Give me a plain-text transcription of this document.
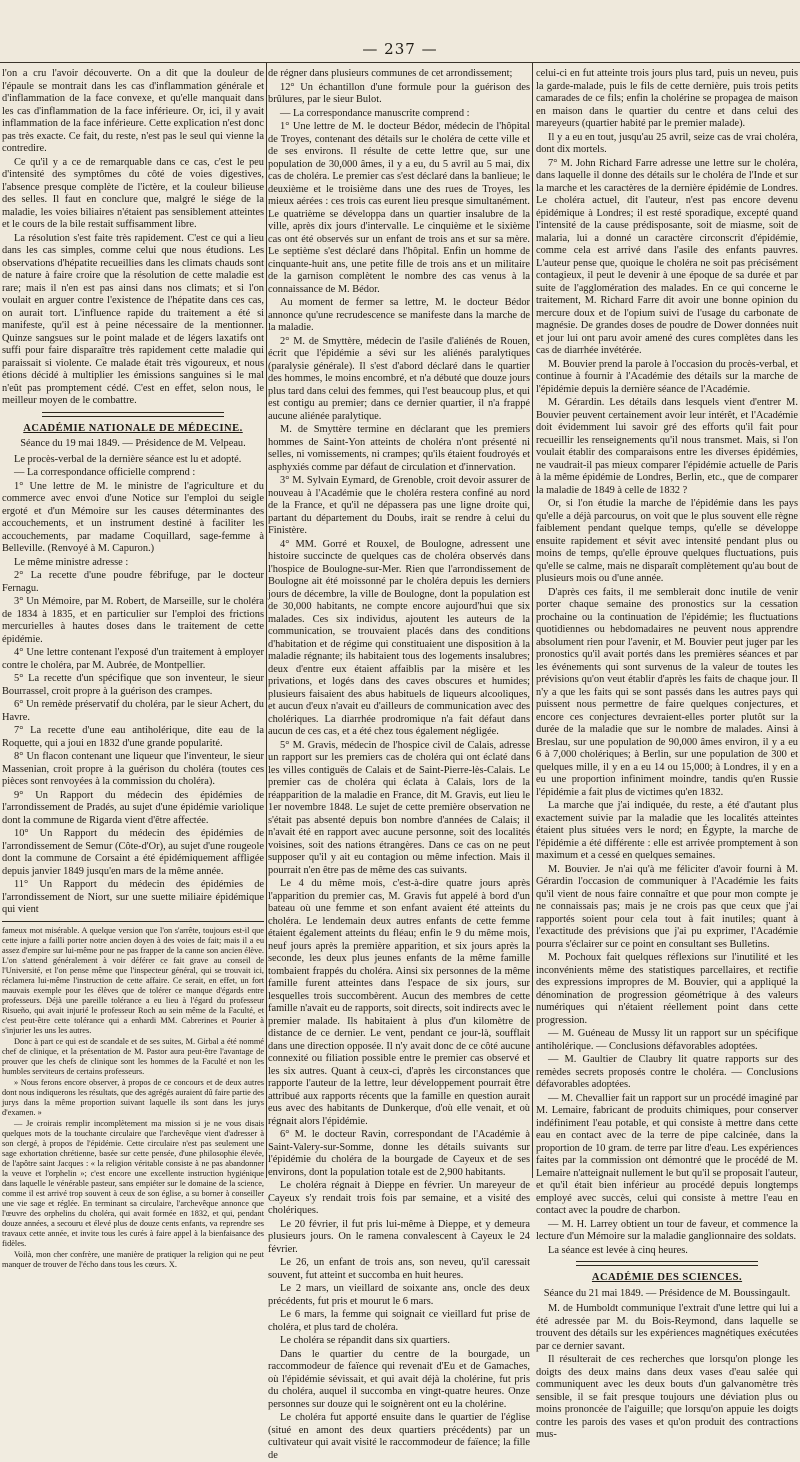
— 237 —

l'on a cru l'avoir découverte. On a dit que la douleur de l'épaule se montrait dans les cas d'inflammation générale et d'inflammation de la face convexe, et qu'elle manquait dans les cas d'inflammation de la face inférieure. Or, ici, il y avait inflammation de la face inférieure. Cette explication n'est donc pas très exacte. Ce fait, du reste, n'est pas le seul qui vienne la contredire.

Ce qu'il y a ce de remarquable dans ce cas, c'est le peu d'intensité des symptômes du côté de voies digestives, l'absence presque complète de l'ictère, et la couleur bilieuse des selles. Il faut en conclure que, malgré le siége de la maladie, les voies biliaires n'étaient pas sensiblement atteintes et le cours de la bile restait suffisamment libre.

La résolution s'est faite très rapidement. C'est ce qui a lieu dans les cas simples, comme celui que nous étudions. Les observations d'hépatite recueillies dans les climats chauds sont de nature à faire croire que la résolution de cette maladie est rare; mais il n'en est pas ainsi dans nos climats; et si l'on voulait en arguer contre l'existence de l'hépatite dans ces cas, on aurait tort. L'influence rapide du traitement a été si manifeste, qu'il est à peine nécessaire de la mentionner. Quinze sangsues sur le point malade et de légers laxatifs ont suffi pour faire disparaître très rapidement cette maladie qui paraissait si violente. Ce malade était très vigoureux, et nous étions décidé à multiplier les émissions sanguines si le mal n'eût pas promptement cédé. C'est en effet, selon nous, le meilleur moyen de le combattre.

ACADÉMIE NATIONALE DE MÉDECINE.

Séance du 19 mai 1849. — Présidence de M. Velpeau.

Le procès-verbal de la dernière séance est lu et adopté.

— La correspondance officielle comprend :

1° Une lettre de M. le ministre de l'agriculture et du commerce avec envoi d'une Notice sur l'emploi du seigle ergoté et d'un Mémoire sur les causes déterminantes des accouchements, et un instrument destiné à faciliter les accouchements, par madame Coquillard, sage-femme à Belleville. (Renvoyé à M. Capuron.)

Le même ministre adresse :

2° La recette d'une poudre fébrifuge, par le docteur Fernagu.

3° Un Mémoire, par M. Robert, de Marseille, sur le choléra de 1834 à 1835, et en particulier sur l'emploi des frictions mercurielles à hautes doses dans le traitement de cette épidémie.

4° Une lettre contenant l'exposé d'un traitement à employer contre le choléra, par M. Aubrée, de Montpellier.

5° La recette d'un spécifique que son inventeur, le sieur Bourrassel, croit propre à la guérison des crampes.

6° Un remède préservatif du choléra, par le sieur Achert, du Havre.

7° La recette d'une eau antiholérique, dite eau de la Roquette, qui a joui en 1832 d'une grande popularité.

8° Un flacon contenant une liqueur que l'inventeur, le sieur Massenian, croit propre à la guérison du choléra (toutes ces pièces sont renvoyées à la commission du choléra).

9° Un Rapport du médecin des épidémies de l'arrondissement de Pradés, au sujet d'une épidémie variolique dont la commune de Rigarda vient d'être affectée.

10° Un Rapport du médecin des épidémies de l'arrondissement de Semur (Côte-d'Or), au sujet d'une rougeole dont la commune de Corsaint a été épidémiquement affligée depuis janvier 1849 jusqu'en mars de la même année.

11° Un Rapport du médecin des épidémies de l'arrondissement de Niort, sur une suette miliaire épidémique qui vient

fameux mot misérable. A quelque version que l'on s'arrête, toujours est-il que cette injure a failli porter notre ancien doyen à des voies de fait; mais il a eu assez d'empire sur lui-même pour ne pas frapper de la canne son ancien élève. L'on s'attend généralement à voir déférer ce fait grave au conseil de l'Université, et l'on pense même que l'inspecteur général, qui se trouvait ici, réclamera lui-même l'instruction de cette affaire. Ce serait, en effet, un fort mauvais exemple pour les élèves que de tolérer ce manque d'égards entre professeurs. Déjà une pareille tolérance a eu lieu à l'égard du professeur Risueño, qui avait injurié le professeur Roch au sein même de la Faculté, et c'est peut-être cette tolérance qui a enhardi MM. Cabrerines et Pourier à s'injurier les uns les autres.

Donc à part ce qui est de scandale et de ses suites, M. Girbal a été nommé chef de clinique, et la présentation de M. Pastor aura peut-être l'avantage de prouver que les chefs de clinique sont les hommes de la Faculté et non les humbles serviteurs de certains professeurs.

» Nous ferons encore observer, à propos de ce concours et de deux autres dont nous indiquerons les résultats, que des agrégés auraient dû faire partie des jurys dans la même proportion suivant laquelle ils sont dans les jurys d'examen. »

— Je croirais remplir incomplètement ma mission si je ne vous disais quelques mots de la touchante circulaire que l'archevêque vient d'adresser à son clergé, à propos de l'épidémie. Cette circulaire n'est pas seulement une sage exhortation chrétienne, basée sur cette pensée, d'une philosophie élevée, de l'apôtre saint Jacques : « la religion véritable consiste à ne pas abandonner la veuve et l'orphelin »; c'est encore une excellente instruction hygiénique dans laquelle le vénérable pasteur, sans empiéter sur le domaine de la science, comme il est arrivé trop souvent à ceux de son église, a su borner à conseiller une vie sage et réglée. En terminant sa circulaire, l'archevêque annonce que l'œuvre des orphelins du choléra, qui avait formée en 1832, et qui, pendant douze années, a secouru et élevé plus de douze cents enfants, va reprendre ses travaux cette année, et invite tous les curés à faire appel à la bienfaisance des fidèles.

Voilà, mon cher confrère, une manière de pratiquer la religion qui ne peut manquer de trouver de l'écho dans tous les cœurs. X.

de régner dans plusieurs communes de cet arrondissement;

12° Un échantillon d'une formule pour la guérison des brûlures, par le sieur Bulot.

— La correspondance manuscrite comprend :

1° Une lettre de M. le docteur Bédor, médecin de l'hôpital de Troyes, contenant des détails sur le choléra de cette ville et de ses environs. Il résulte de cette lettre que, sur une population de 30,000 âmes, il y a eu, du 5 avril au 5 mai, dix cas de choléra. Le premier cas s'est déclaré dans la banlieue; le deuxième et le troisième dans une des rues de Troyes, les mieux aérées : ces trois cas eurent lieu presque simultanément. Le quatrième se développa dans un quartier insalubre de la ville, après dix jours d'intervalle. Le cinquième et le sixième cas ont été observés sur un enfant de trois ans et sur sa mère. Le septième s'est déclaré dans l'hôpital. Enfin un homme de cinquante-huit ans, une petite fille de trois ans et un militaire de la garnison complètent le nombre des cas venus à la connaissance de M. Bédor.

Au moment de fermer sa lettre, M. le docteur Bédor annonce qu'une recrudescence se manifeste dans la marche de la maladie.

2° M. de Smyttère, médecin de l'asile d'aliénés de Rouen, écrit que l'épidémie a sévi sur les aliénés paralytiques (paralysie générale). Il s'est d'abord déclaré dans le quartier des hommes, le moins encombré, et n'a débuté que douze jours plus tard dans celui des femmes, qui l'est beaucoup plus, et qui est contigu au premier; dans ce dernier quartier, il n'a frappé aucune aliénée paralytique.

M. de Smyttère termine en déclarant que les premiers hommes de Saint-Yon atteints de choléra n'ont présenté ni selles, ni vomissements, ni crampes; qu'ils étaient foudroyés et asphyxiés comme par défaut de circulation et d'innervation.

3° M. Sylvain Eymard, de Grenoble, croit devoir assurer de nouveau à l'Académie que le choléra restera confiné au nord de la France, et qu'il ne dépassera pas une ligne droite qui, partant du département du Doubs, irait se rendre à celui du Finistère.

4° MM. Gorré et Rouxel, de Boulogne, adressent une histoire succincte de quelques cas de choléra observés dans l'hospice de Boulogne-sur-Mer. Rien que l'arrondissement de Boulogne ait été moissonné par le choléra depuis les derniers jours de décembre, la ville de Boulogne, dont la population est de 30,000 habitants, ne compte encore aujourd'hui que six malades. Ces six individus, ajoutent les auteurs de la communication, se trouvaient placés dans des conditions d'habitation et de régime qui constituaient une disposition à la maladie régnante; ils habitaient tous des logements insalubres; deux d'entre eux étaient affaiblis par la misère et les privations, et logés dans des caves obscures et humides; plusieurs faisaient des abus habituels de liqueurs alcooliques, et aucun d'eux n'avait eu d'ailleurs de communication avec des cholériques. La diarrhée prodromique n'a fait défaut dans aucun de ces cas, et a été chez tous également négligée.

5° M. Gravis, médecin de l'hospice civil de Calais, adresse un rapport sur les premiers cas de choléra qui ont éclaté dans les villes contiguës de Calais et de Saint-Pierre-lès-Calais. Le premier cas de choléra qui éclata à Calais, lors de la réapparition de la maladie en France, dit M. Gravis, eut lieu le 1er novembre 1848. Le sujet de cette première observation ne s'était pas absenté depuis bon nombre d'années de Calais; il n'avait été en rapport avec aucune personne, soit des localités voisines, soit des nations étrangères. Dans ce cas on ne peut supposer qu'il y ait eu contagion ou même infection. Mais il pourrait n'en être pas de même des cas suivants.

Le 4 du même mois, c'est-à-dire quatre jours après l'apparition du premier cas, M. Gravis fut appelé à bord d'un bateau où une femme et son enfant avaient été atteints du choléra. Le lendemain deux autres enfants de cette femme étaient également atteints du fléau; enfin le 9 du même mois, neuf jours après la première apparition, et six jours après la seconde, les deux plus jeunes enfants de la même famille tombaient frappés du choléra. Ainsi six personnes de la même famille furent atteintes dans l'espace de six jours, sur lesquelles trois succombèrent. Aucun des membres de cette famille n'avait eu de rapports, soit directs, soit indirects avec le premier malade. Ils habitaient à plus d'un kilomètre de distance de ce dernier. Le vent, pendant ce jour-là, soufflait dans une direction opposée. Il n'y avait donc de ce côté aucune connexité ou filiation possible entre le premier cas observé et les six autres. Quant à ceux-ci, d'après les circonstances que rapporte l'auteur de la lettre, leur développement pourrait être attribué aux rapports récents que la famille en question aurait eus avec des habitants de Dunkerque, d'où elle venait, et où régnait alors l'épidémie.

6° M. le docteur Ravin, correspondant de l'Académie à Saint-Valery-sur-Somme, donne les détails suivants sur l'épidémie du choléra de la bourgade de Cayeux et de ses environs, dont la population totale est de 2,900 habitants.

Le choléra régnait à Dieppe en février. Un mareyeur de Cayeux s'y rendait trois fois par semaine, et a visité des cholériques.

Le 20 février, il fut pris lui-même à Dieppe, et y demeura plusieurs jours. On le ramena convalescent à Cayeux le 24 février.

Le 26, un enfant de trois ans, son neveu, qu'il caressait souvent, fut atteint et succomba en huit heures.

Le 2 mars, un vieillard de soixante ans, oncle des deux précédents, fut pris et mourut le 6 mars.

Le 6 mars, la femme qui soignait ce vieillard fut prise de choléra, et plus tard de choléra.

Le choléra se répandit dans six quartiers.

Dans le quartier du centre de la bourgade, un raccommodeur de faïence qui revenait d'Eu et de Gamaches, où l'épidémie sévissait, et qui avait déjà la cholérine, fut pris du choléra, auquel il succomba en vingt-quatre heures. Onze personnes sur douze qui le soignèrent ont eu la cholérine.

Le choléra fut apporté ensuite dans le quartier de l'église (situé en amont des deux quartiers précédents) par un cultivateur qui avait visité le raccommodeur de faïence; la fille de

celui-ci en fut atteinte trois jours plus tard, puis un neveu, puis la garde-malade, puis le fils de cette dernière, puis trois petits camarades de ce fils; enfin la cholérine se propagea de maison en maison dans le quartier du centre et dans celui des mareyeurs (quartier habité par le premier malade).

Il y a eu en tout, jusqu'au 25 avril, seize cas de vrai choléra, dont dix mortels.

7° M. John Richard Farre adresse une lettre sur le choléra, dans laquelle il donne des détails sur le choléra de l'Inde et sur la marche et les caractères de la dernière épidémie de Londres. Le choléra actuel, dit l'auteur, n'est pas encore devenu épidémique à Londres; il est resté sporadique, excepté quand l'intensité de la cause prédisposante, soit de miasme, soit de malaria, lui a donné un caractère circonscrit d'épidémie, comme cela est arrivé dans l'asile des enfants pauvres. L'auteur pense que, quoique le choléra ne soit pas précisément contagieux, il peut le devenir à une époque de sa durée et par suite de l'agglomération des malades. En ce qui concerne le traitement, M. Richard Farre dit avoir une bonne opinion du mercure doux et de l'opium suivi de l'usage du carbonate de magnésie. De grandes doses de poudre de Dower données nuit et jour lui ont paru avoir amené des cures complètes dans les cas de diarrhée invétérée.

M. Bouvier prend la parole à l'occasion du procès-verbal, et continue à fournir à l'Académie des détails sur la marche de l'épidémie depuis la dernière séance de l'Académie.

M. Gérardin. Les détails dans lesquels vient d'entrer M. Bouvier peuvent certainement avoir leur intérêt, et l'Académie doit évidemment lui savoir gré des efforts qu'il fait pour recueillir les renseignements qu'il nous transmet. Mais, si l'on voulait établir des comparaisons entre les diverses épidémies, ne vaudrait-il pas mieux comparer l'épidémie actuelle de Paris à la même épidémie de Londres, Berlin, etc., que de comparer la maladie de 1849 à celle de 1832 ?

Or, si l'on étudie la marche de l'épidémie dans les pays qu'elle a déjà parcourus, on voit que le plus souvent elle règne faiblement pendant quelque temps, qu'elle se développe ensuite rapidement et sévit avec intensité pendant plus ou moins de temps, qu'elle éprouve quelques fluctuations, puis qu'elle se calme, mais ne disparaît complètement qu'au bout de plusieurs mois ou d'une année.

D'après ces faits, il me semblerait donc inutile de venir porter chaque semaine des pronostics sur la cessation prochaine ou la continuation de l'épidémie; les fluctuations quotidiennes ou hebdomadaires ne peuvent nous apprendre absolument rien pour l'avenir, et M. Bouvier peut juger par les pronostics qu'il avait portés dans les premières séances et par les événements qui sont survenus de la valeur de toutes les prévisions qu'on veut établir d'après les faits de chaque jour. Il n'y a que les faits qui se sont passés dans les autres pays qui puissent nous permettre de faire quelques conjectures, et encore ces conjectures devraient-elles porter plutôt sur la durée de la maladie que sur le nombre de malades. Ainsi à Breslau, sur une population de 90,000 âmes environ, il y a eu 6 à 7,000 cholériques; à Berlin, sur une population de 300 et quelques mille, il y en a eu 14 ou 15,000; à Londres, il y en a eu une proportion infiniment moindre, tandis qu'en Russie l'épidémie a fait plus de victimes qu'en 1832.

La marche que j'ai indiquée, du reste, a été d'autant plus exactement suivie par la maladie que les localités atteintes étaient plus situées vers le nord; en Égypte, la marche de l'épidémie a été différente : elle est arrivée promptement à son maximum et a cessé en quelques semaines.

M. Bouvier. Je n'ai qu'à me féliciter d'avoir fourni à M. Gérardin l'occasion de communiquer à l'Académie les faits qu'il vient de nous faire connaître et que pour mon compte je ne connaissais pas; mais je ne crois pas que ceux que j'ai rapportés soient pour cela tout à fait inutiles; quant à l'exactitude des prévisions que j'ai pu exprimer, l'Académie pourra s'éclairer sur ce point en consultant ses Bulletins.

M. Pochoux fait quelques réflexions sur l'inutilité et les inconvénients même des statistiques parcellaires, et rectifie des expressions impropres de M. Bouvier, qui a appliqué la dénomination de progression géométrique à des valeurs numériques qui n'étaient réellement point dans cette progression.

— M. Guéneau de Mussy lit un rapport sur un spécifique antiholérique. — Conclusions défavorables adoptées.

— M. Gaultier de Claubry lit quatre rapports sur des remèdes secrets proposés contre le choléra. — Conclusions défavorables adoptées.

— M. Chevallier fait un rapport sur un procédé imaginé par M. Lemaire, fabricant de produits chimiques, pour conserver indéfiniment l'eau potable, et qui consiste à mettre dans cette eau en contact avec de la terre de pipe calcinée, dans la proportion de 10 gram. de terre par litre d'eau. Les expériences faites par la commission ont démontré que le procédé de M. Lemaire n'atteignait nullement le but qu'il se proposait l'auteur, et qu'il était bien inférieur au procédé depuis longtemps employé avec succès, celui qui consiste à mettre l'eau en contact avec la poudre de charbon.

— M. H. Larrey obtient un tour de faveur, et commence la lecture d'un Mémoire sur la maladie ganglionnaire des soldats.

La séance est levée à cinq heures.

ACADÉMIE DES SCIENCES.

Séance du 21 mai 1849. — Présidence de M. Boussingault.

M. de Humboldt communique l'extrait d'une lettre qui lui a été adressée par M. du Bois-Reymond, dans laquelle se trouvent des détails sur les expériences magnétiques exécutées par ce dernier savant.

Il résulterait de ces recherches que lorsqu'on plonge les doigts des deux mains dans deux vases d'eau salée qui communiquent avec les deux bouts d'un galvanomètre très sensible, il se fait presque toujours une déviation plus ou moins prononcée de l'aiguille; que lorsqu'on appuie les doigts contre les parois des vases et qu'on produit des contractions mus-
